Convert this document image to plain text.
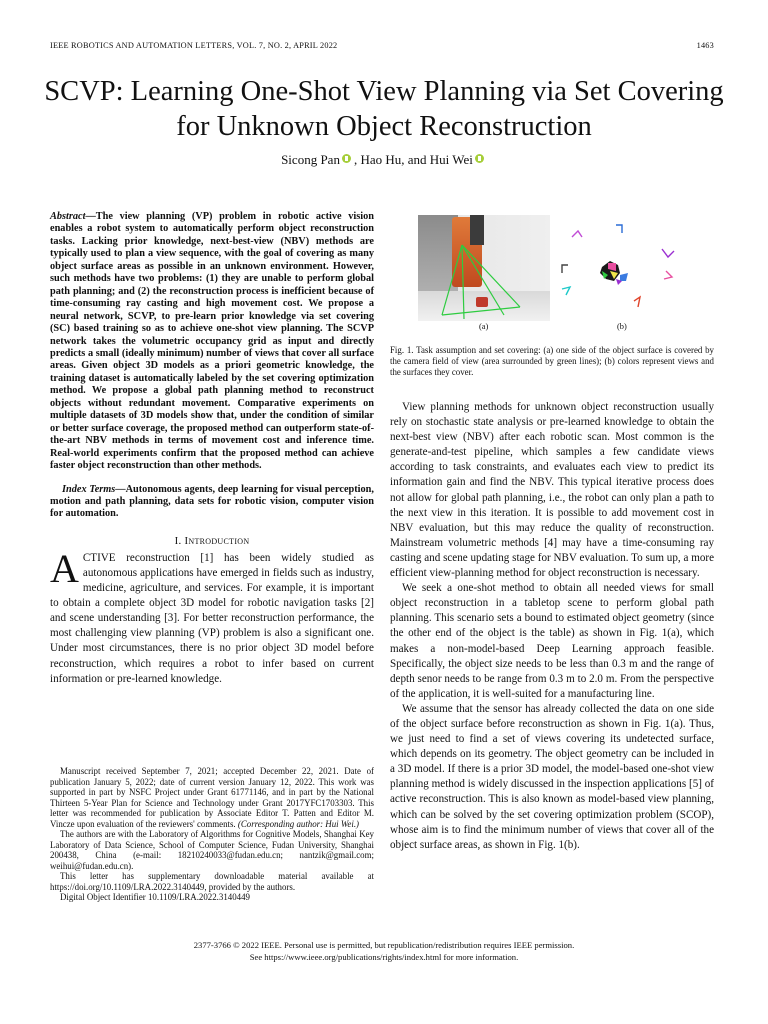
IEEE ROBOTICS AND AUTOMATION LETTERS, VOL. 7, NO. 2, APRIL 2022	1463
SCVP: Learning One-Shot View Planning via Set Covering for Unknown Object Reconstruction
Sicong Pan , Hao Hu, and Hui Wei

Abstract—The view planning (VP) problem in robotic active vision enables a robot system to automatically perform object reconstruction tasks. Lacking prior knowledge, next-best-view (NBV) methods are typically used to plan a view sequence, with the goal of covering as many object surface areas as possible in an unknown environment. However, such methods have two problems: (1) they are unable to perform global path planning; and (2) the reconstruction process is inefficient because of time-consuming ray casting and high movement cost. We propose a neural network, SCVP, to pre-learn prior knowledge via set covering (SC) based training so as to achieve one-shot view planning. The SCVP network takes the volumetric occupancy grid as input and directly predicts a small (ideally minimum) number of views that cover all surface areas. Given object 3D models as a priori geometric knowledge, the training dataset is automatically labeled by the set covering optimization method. We propose a global path planning method to reconstruct objects without redundant movement. Comparative experiments on multiple datasets of 3D models show that, under the condition of similar or better surface coverage, the proposed method can outperform state-of-the-art NBV methods in terms of movement cost and inference time. Real-world experiments confirm that the proposed method can achieve faster object reconstruction than other methods.

Index Terms—Autonomous agents, deep learning for visual perception, motion and path planning, data sets for robotic vision, computer vision for automation.

I. Introduction

ACTIVE reconstruction [1] has been widely studied as autonomous applications have emerged in fields such as industry, medicine, agriculture, and services. For example, it is important to obtain a complete object 3D model for robotic navigation tasks [2] and scene understanding [3]. For better reconstruction performance, the most challenging view planning (VP) problem is also a significant one. Under most circumstances, there is no prior object 3D model before reconstruction, which requires a robot to infer based on current information or pre-learned knowledge.

Manuscript received September 7, 2021; accepted December 22, 2021. Date of publication January 5, 2022; date of current version January 12, 2022. This work was supported in part by NSFC Project under Grant 61771146, and in part by the National Thirteen 5-Year Plan for Science and Technology under Grant 2017YFC1703303. This letter was recommended for publication by Associate Editor T. Patten and Editor M. Vincze upon evaluation of the reviewers' comments. (Corresponding author: Hui Wei.)

The authors are with the Laboratory of Algorithms for Cognitive Models, Shanghai Key Laboratory of Data Science, School of Computer Science, Fudan University, Shanghai 200438, China (e-mail: 18210240033@fudan.edu.cn; nantzik@gmail.com; weihui@fudan.edu.cn).

This letter has supplementary downloadable material available at https://doi.org/10.1109/LRA.2022.3140449, provided by the authors.

Digital Object Identifier 10.1109/LRA.2022.3140449

(a)	(b)
Fig. 1. Task assumption and set covering: (a) one side of the object surface is covered by the camera field of view (area surrounded by green lines); (b) colors represent views and the surfaces they cover.

View planning methods for unknown object reconstruction usually rely on stochastic state analysis or pre-learned knowledge to obtain the next-best view (NBV) after each robotic scan. Most common is the generate-and-test pipeline, which samples a few candidate views according to task constraints, and evaluates each view to predict its information gain and find the NBV. This typical iterative process does not allow for global path planning, i.e., the robot can only plan a path to the next view in this iteration. It is possible to add movement cost in NBV evaluation, but this may reduce the quality of reconstruction. Mainstream volumetric methods [4] may have a time-consuming ray casting and scene updating stage for NBV evaluation. To sum up, a more efficient view-planning method for object reconstruction is necessary.

We seek a one-shot method to obtain all needed views for small object reconstruction in a tabletop scene to perform global path planning. This scenario sets a bound to estimated object geometry (since the other end of the object is the table) as shown in Fig. 1(a), which makes a non-model-based Deep Learning approach feasible. Specifically, the object size needs to be less than 0.3 m and the range of depth senor needs to be range from 0.3 m to 2.0 m. From the perspective of the application, it is well-suited for a manufacturing line.

We assume that the sensor has already collected the data on one side of the object surface before reconstruction as shown in Fig. 1(a). Thus, we just need to find a set of views covering its undetected surface, which depends on its geometry. The object geometry can be included in a 3D model. If there is a prior 3D model, the model-based one-shot view planning method is widely discussed in the inspection applications [5] of active reconstruction. This is also known as model-based view planning, which can be solved by the set covering optimization problem (SCOP), whose aim is to find the minimum number of views that cover all of the object surface areas, as shown in Fig. 1(b).

2377-3766 © 2022 IEEE. Personal use is permitted, but republication/redistribution requires IEEE permission.
See https://www.ieee.org/publications/rights/index.html for more information.
